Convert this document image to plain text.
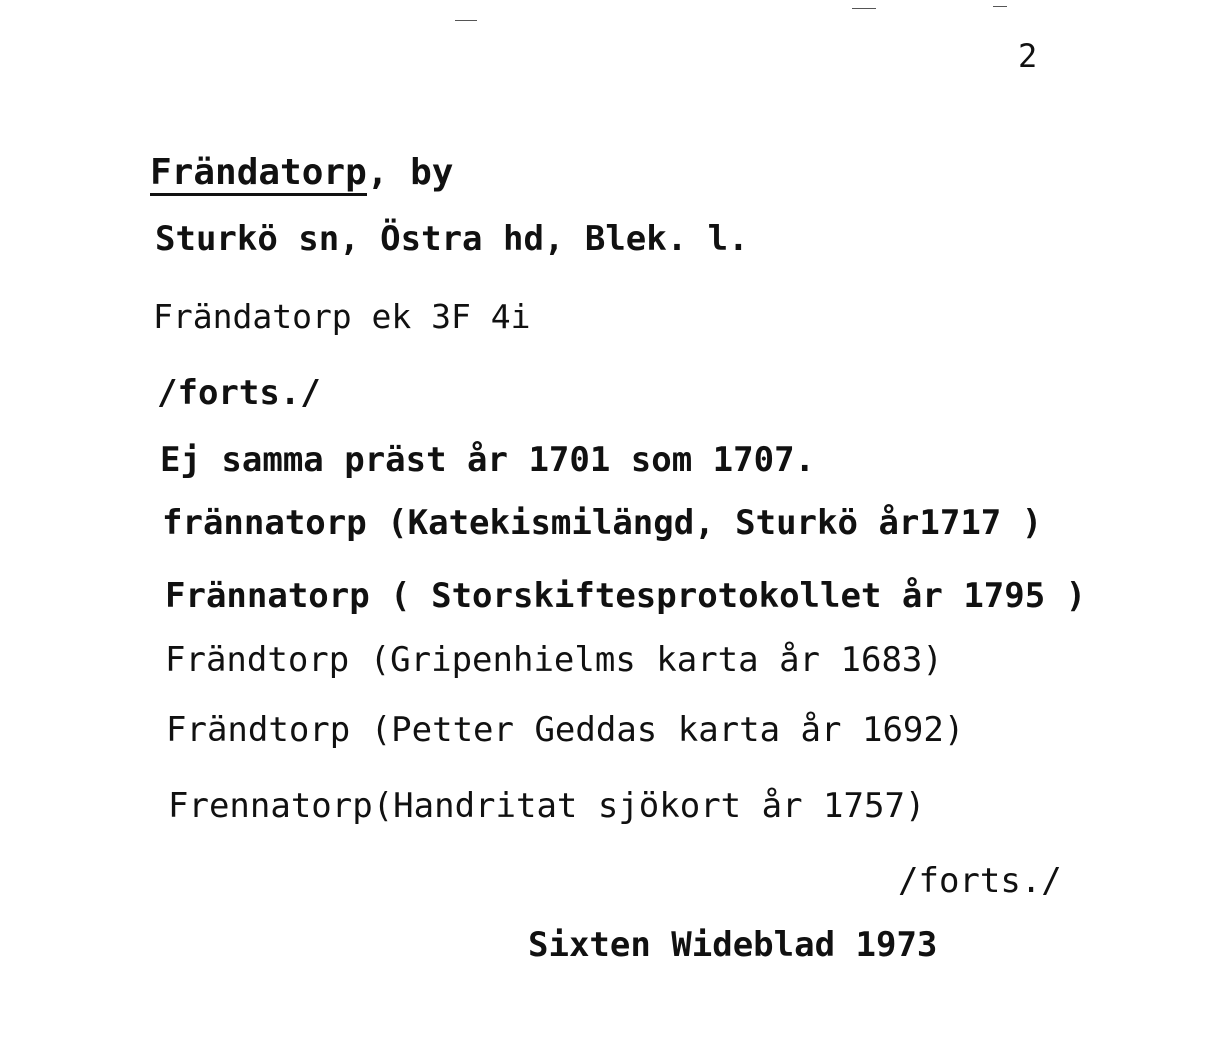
2
Frändatorp, by
Sturkö sn, Östra hd, Blek. l.
Frändatorp ek 3F 4i
/forts./
Ej samma präst år 1701 som 1707.
frännatorp (Katekismilängd, Sturkö år1717 )
Frännatorp ( Storskiftesprotokollet år 1795 )
Frändtorp (Gripenhielms karta år 1683)
Frändtorp (Petter Geddas karta år 1692)
Frennatorp(Handritat sjökort år 1757)
/forts./
Sixten Wideblad 1973
